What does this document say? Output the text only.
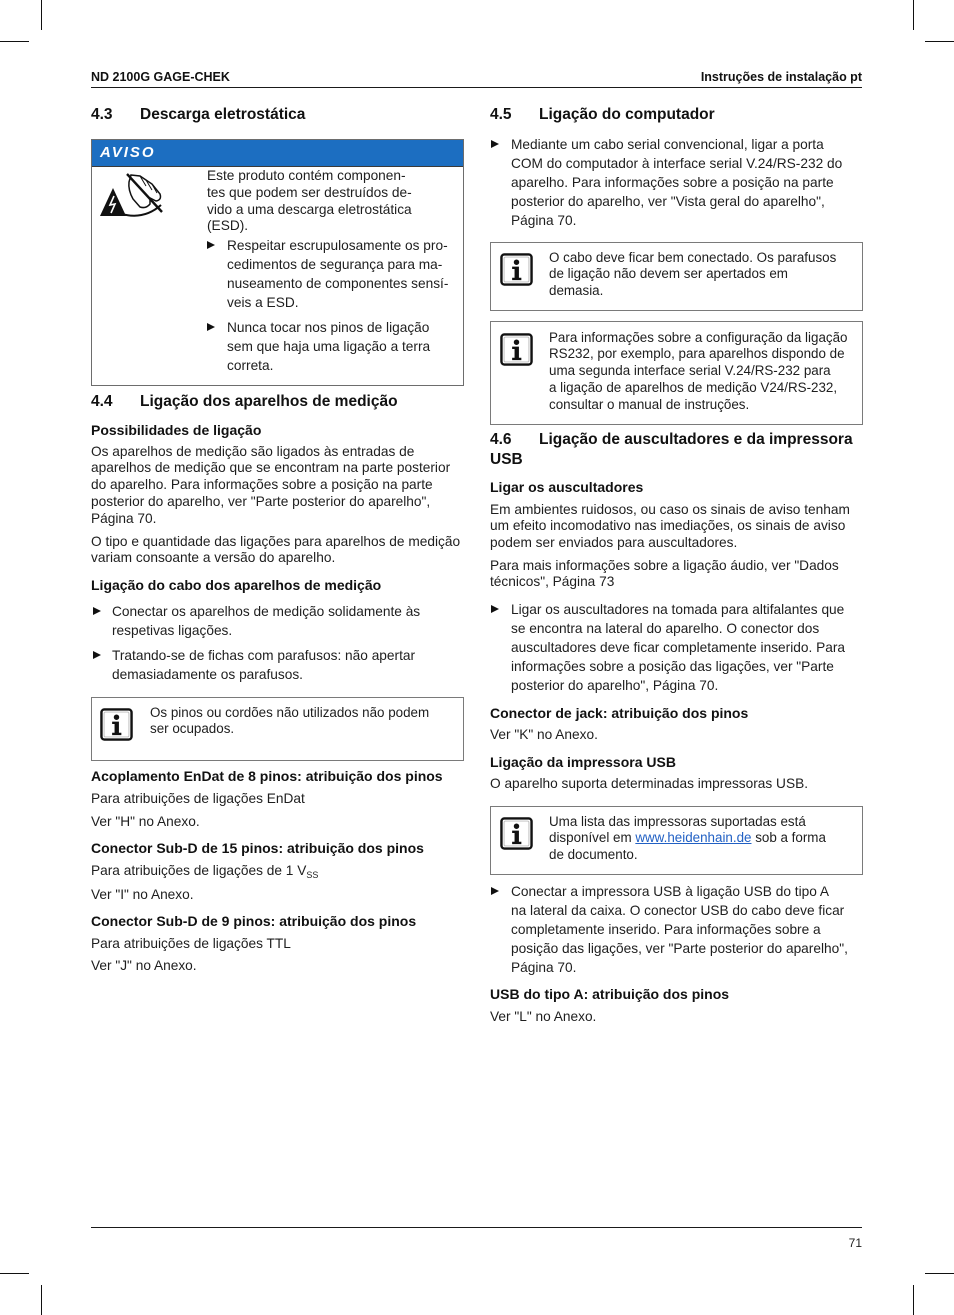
ND 2100G GAGE-CHEK	Instruções de instalação pt
4.3 Descarga eletrostática
AVISO
Este produto contém componen-
tes que podem ser destruídos de-
vido a uma descarga eletrostática
(ESD).
Respeitar escrupulosamente os pro-
cedimentos de segurança para ma-
nuseamento de componentes sensí-
veis a ESD.
Nunca tocar nos pinos de ligação
sem que haja uma ligação a terra
correta.
4.4 Ligação dos aparelhos de medição
Possibilidades de ligação
Os aparelhos de medição são ligados às entradas de
aparelhos de medição que se encontram na parte posterior
do aparelho. Para informações sobre a posição na parte
posterior do aparelho, ver "Parte posterior do aparelho",
Página 70.
O tipo e quantidade das ligações para aparelhos de medição
variam consoante a versão do aparelho.
Ligação do cabo dos aparelhos de medição
Conectar os aparelhos de medição solidamente às
respetivas ligações.
Tratando-se de fichas com parafusos: não apertar
demasiadamente os parafusos.
Os pinos ou cordões não utilizados não podem
ser ocupados.
Acoplamento EnDat de 8 pinos: atribuição dos pinos
Para atribuições de ligações EnDat
Ver "H" no Anexo.
Conector Sub-D de 15 pinos: atribuição dos pinos
Para atribuições de ligações de 1 $V_{SS}$
Ver "I" no Anexo.
Conector Sub-D de 9 pinos: atribuição dos pinos
Para atribuições de ligações TTL
Ver "J" no Anexo.
4.5 Ligação do computador
Mediante um cabo serial convencional, ligar a porta
COM do computador à interface serial V.24/RS-232 do
aparelho. Para informações sobre a posição na parte
posterior do aparelho, ver "Vista geral do aparelho",
Página 70.
O cabo deve ficar bem conectado. Os parafusos
de ligação não devem ser apertados em
demasia.
Para informações sobre a configuração da ligação
RS232, por exemplo, para aparelhos dispondo de
uma segunda interface serial V.24/RS-232 para
a ligação de aparelhos de medição V24/RS-232,
consultar o manual de instruções.
4.6 Ligação de auscultadores e da impressora
USB
Ligar os auscultadores
Em ambientes ruidosos, ou caso os sinais de aviso tenham
um efeito incomodativo nas imediações, os sinais de aviso
podem ser enviados para auscultadores.
Para mais informações sobre a ligação áudio, ver "Dados
técnicos", Página 73
Ligar os auscultadores na tomada para altifalantes que
se encontra na lateral do aparelho. O conector dos
auscultadores deve ficar completamente inserido. Para
informações sobre a posição das ligações, ver "Parte
posterior do aparelho", Página 70.
Conector de jack: atribuição dos pinos
Ver "K" no Anexo.
Ligação da impressora USB
O aparelho suporta determinadas impressoras USB.
Uma lista das impressoras suportadas está
disponível em www.heidenhain.de sob a forma
de documento.
Conectar a impressora USB à ligação USB do tipo A
na lateral da caixa. O conector USB do cabo deve ficar
completamente inserido. Para informações sobre a
posição das ligações, ver "Parte posterior do aparelho",
Página 70.
USB do tipo A: atribuição dos pinos
Ver "L" no Anexo.
71
